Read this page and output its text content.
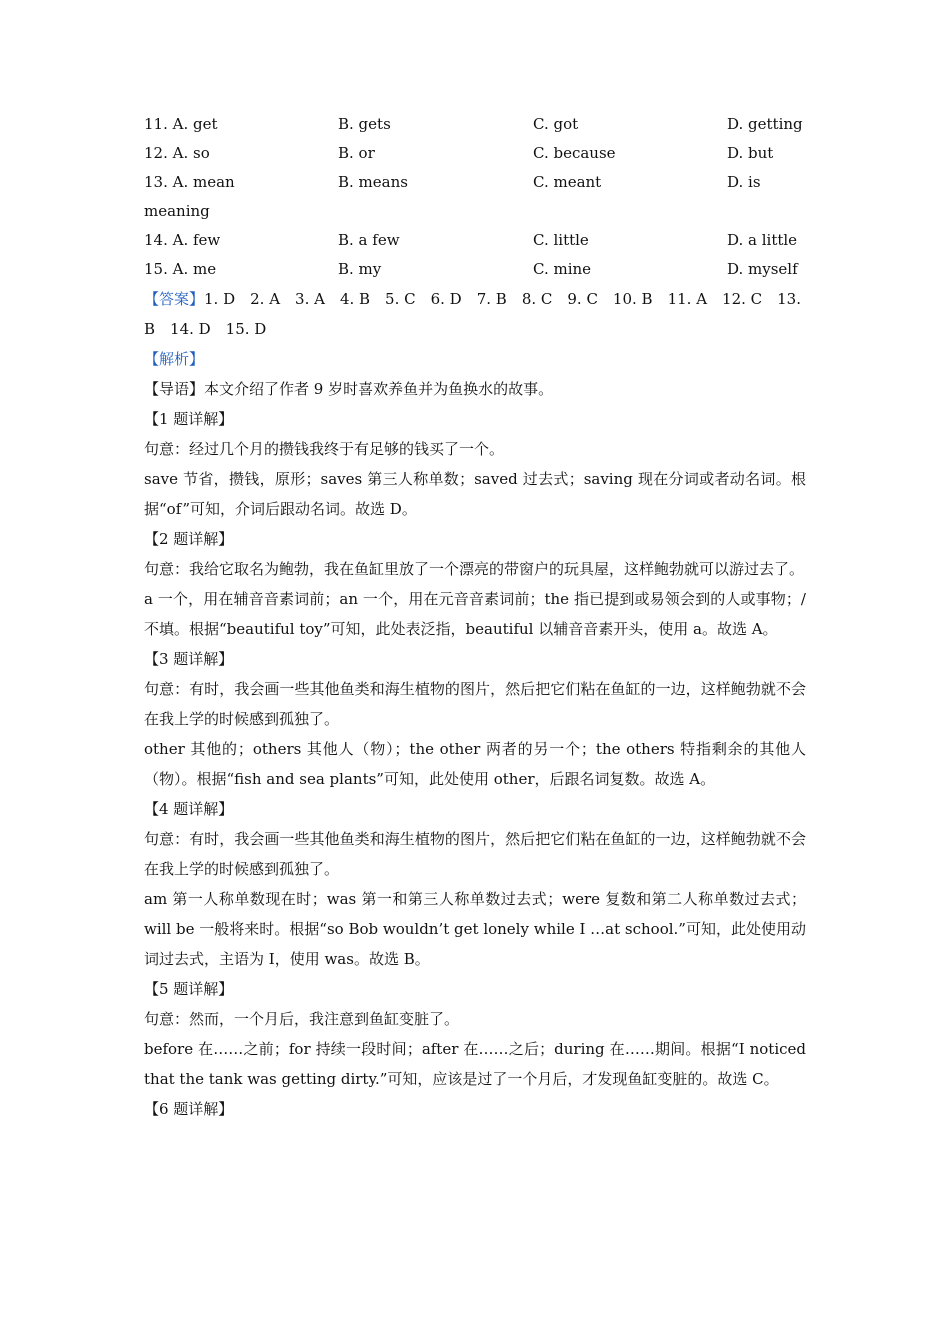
11. A. get	B. gets	C. got	D. getting
12. A. so	B. or	C. because	D. but
13. A. mean	B. means	C. meant	D. is
meaning
14. A. few	B. a few	C. little	D. a little
15. A. me	B. my	C. mine	D. myself
【答案】1. D　2. A　3. A　4. B　5. C　6. D　7. B　8. C　9. C　10. B　11. A　12. C　13.
B　14. D　15. D
【解析】
【导语】本文介绍了作者 9 岁时喜欢养鱼并为鱼换水的故事。
【1 题详解】
句意：经过几个月的攒钱我终于有足够的钱买了一个。
save 节省，攒钱，原形；saves 第三人称单数；saved 过去式；saving 现在分词或者动名词。根据“of”可知，介词后跟动名词。故选 D。
【2 题详解】
句意：我给它取名为鲍勃，我在鱼缸里放了一个漂亮的带窗户的玩具屋，这样鲍勃就可以游过去了。
a 一个，用在辅音音素词前；an 一个，用在元音音素词前；the 指已提到或易领会到的人或事物；/不填。根据“beautiful toy”可知，此处表泛指，beautiful 以辅音音素开头，使用 a。故选 A。
【3 题详解】
句意：有时，我会画一些其他鱼类和海生植物的图片，然后把它们粘在鱼缸的一边，这样鲍勃就不会在我上学的时候感到孤独了。
other 其他的；others 其他人（物）；the other 两者的另一个；the others 特指剩余的其他人（物）。根据“fish and sea plants”可知，此处使用 other，后跟名词复数。故选 A。
【4 题详解】
句意：有时，我会画一些其他鱼类和海生植物的图片，然后把它们粘在鱼缸的一边，这样鲍勃就不会在我上学的时候感到孤独了。
am 第一人称单数现在时；was 第一和第三人称单数过去式；were 复数和第二人称单数过去式；will be 一般将来时。根据“so Bob wouldn’t get lonely while I …at school.”可知，此处使用动词过去式，主语为 I，使用 was。故选 B。
【5 题详解】
句意：然而，一个月后，我注意到鱼缸变脏了。
before 在……之前；for 持续一段时间；after 在……之后；during 在……期间。根据“I noticed that the tank was getting dirty.”可知，应该是过了一个月后，才发现鱼缸变脏的。故选 C。
【6 题详解】
